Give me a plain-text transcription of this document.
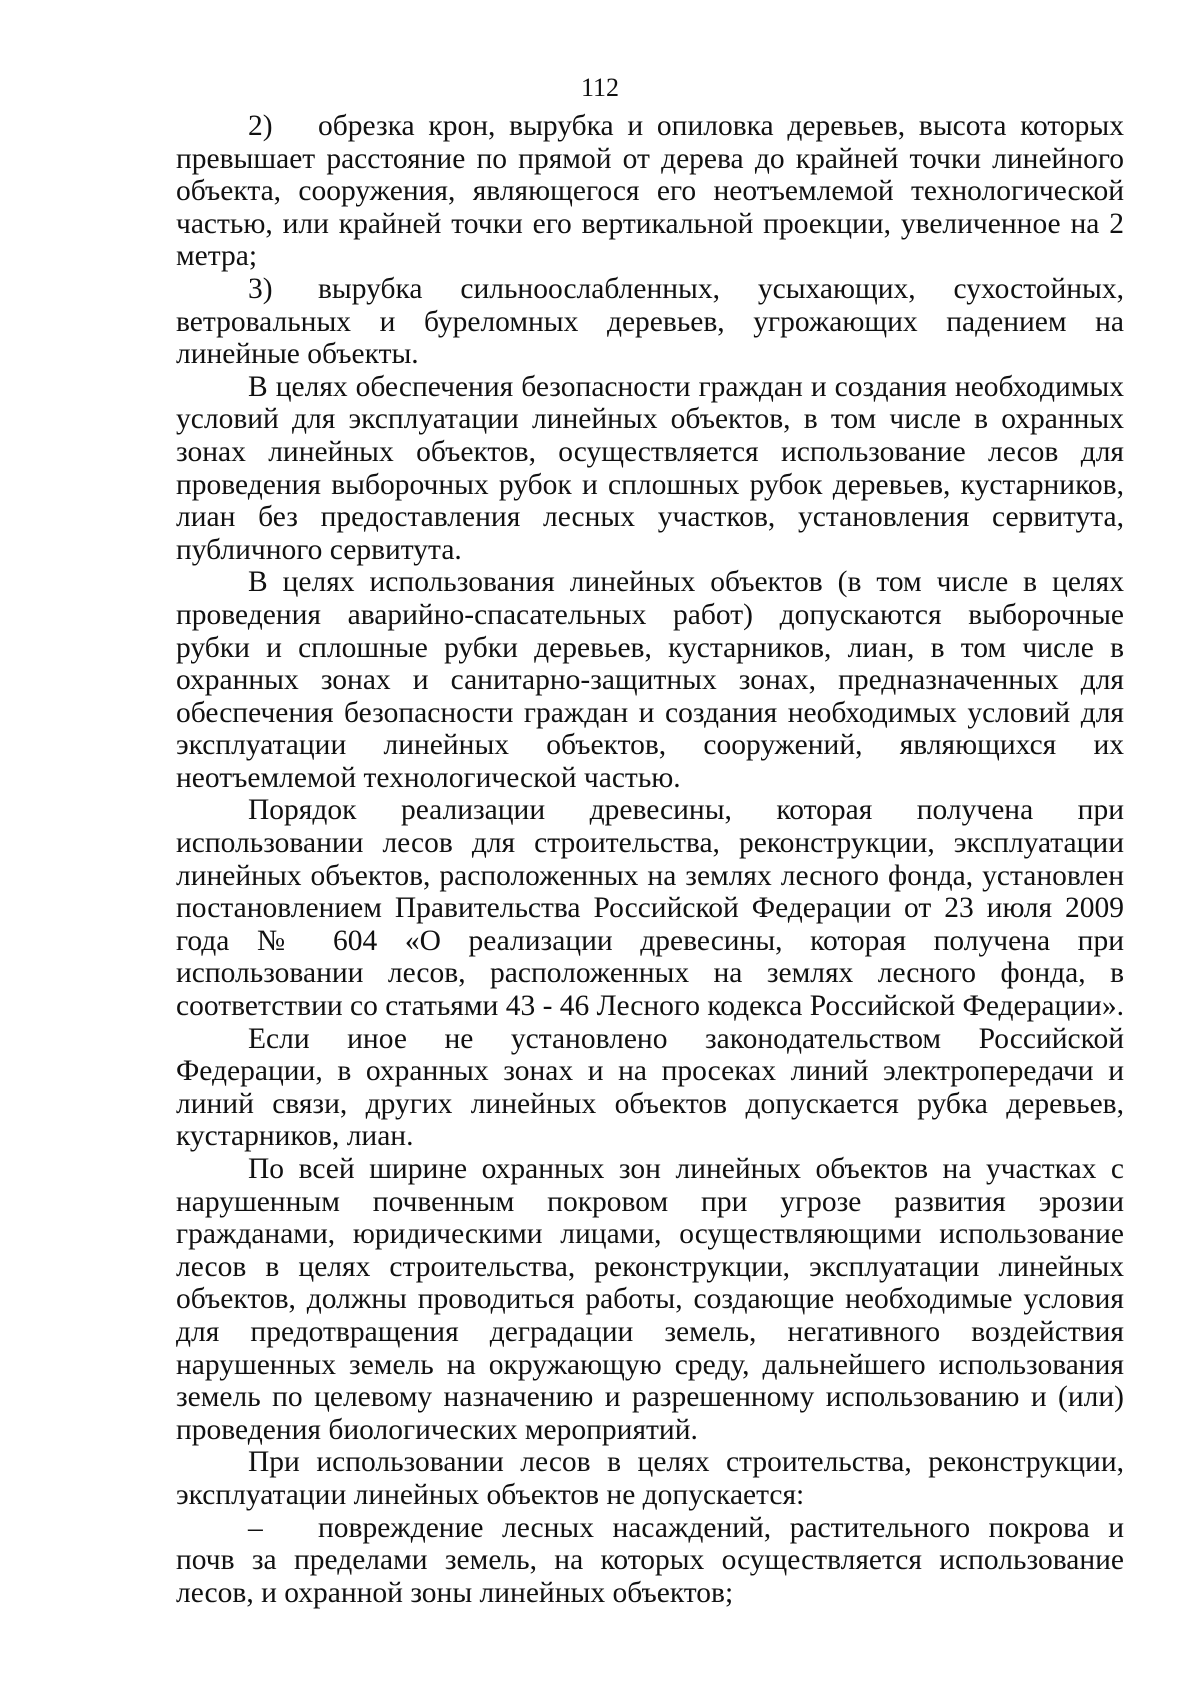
112

2) обрезка крон, вырубка и опиловка деревьев, высота которых превышает расстояние по прямой от дерева до крайней точки линейного объекта, сооружения, являющегося его неотъемлемой технологической частью, или крайней точки его вертикальной проекции, увеличенное на 2 метра;

3) вырубка сильноослабленных, усыхающих, сухостойных, ветровальных и буреломных деревьев, угрожающих падением на линейные объекты.

В целях обеспечения безопасности граждан и создания необходимых условий для эксплуатации линейных объектов, в том числе в охранных зонах линейных объектов, осуществляется использование лесов для проведения выборочных рубок и сплошных рубок деревьев, кустарников, лиан без предоставления лесных участков, установления сервитута, публичного сервитута.

В целях использования линейных объектов (в том числе в целях проведения аварийно-спасательных работ) допускаются выборочные рубки и сплошные рубки деревьев, кустарников, лиан, в том числе в охранных зонах и санитарно-защитных зонах, предназначенных для обеспечения безопасности граждан и создания необходимых условий для эксплуатации линейных объектов, сооружений, являющихся их неотъемлемой технологической частью.

Порядок реализации древесины, которая получена при использовании лесов для строительства, реконструкции, эксплуатации линейных объектов, расположенных на землях лесного фонда, установлен постановлением Правительства Российской Федерации от 23 июля 2009 года № 604 «О реализации древесины, которая получена при использовании лесов, расположенных на землях лесного фонда, в соответствии со статьями 43 - 46 Лесного кодекса Российской Федерации».

Если иное не установлено законодательством Российской Федерации, в охранных зонах и на просеках линий электропередачи и линий связи, других линейных объектов допускается рубка деревьев, кустарников, лиан.

По всей ширине охранных зон линейных объектов на участках с нарушенным почвенным покровом при угрозе развития эрозии гражданами, юридическими лицами, осуществляющими использование лесов в целях строительства, реконструкции, эксплуатации линейных объектов, должны проводиться работы, создающие необходимые условия для предотвращения деградации земель, негативного воздействия нарушенных земель на окружающую среду, дальнейшего использования земель по целевому назначению и разрешенному использованию и (или) проведения биологических мероприятий.

При использовании лесов в целях строительства, реконструкции, эксплуатации линейных объектов не допускается:

– повреждение лесных насаждений, растительного покрова и почв за пределами земель, на которых осуществляется использование лесов, и охранной зоны линейных объектов;
